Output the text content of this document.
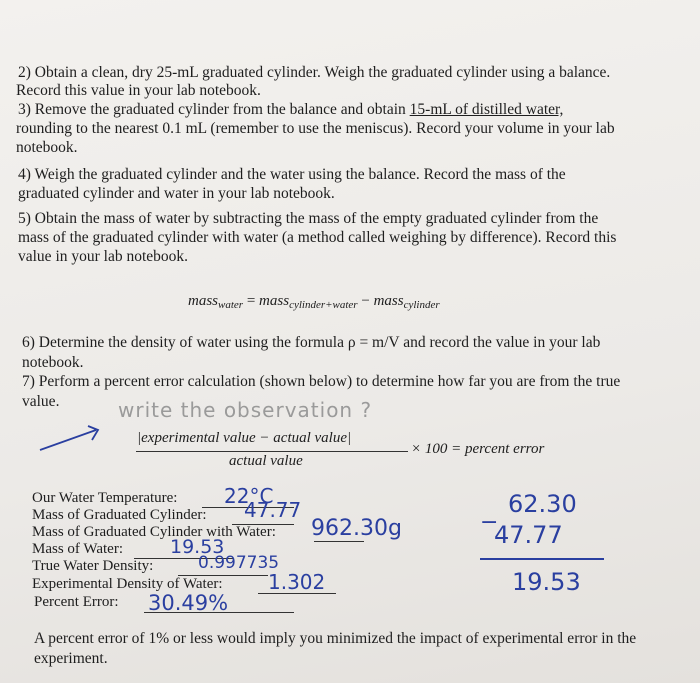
2) Obtain a clean, dry 25-mL graduated cylinder. Weigh the graduated cylinder using a balance.
Record this value in your lab notebook.
3) Remove the graduated cylinder from the balance and obtain 15-mL of distilled water,
rounding to the nearest 0.1 mL (remember to use the meniscus). Record your volume in your lab
notebook.
4) Weigh the graduated cylinder and the water using the balance. Record the mass of the
graduated cylinder and water in your lab notebook.
5) Obtain the mass of water by subtracting the mass of the empty graduated cylinder from the
mass of the graduated cylinder with water (a method called weighing by difference). Record this
value in your lab notebook.
mass$_{water}$ = mass$_{cylinder+water}$ − mass$_{cylinder}$
6) Determine the density of water using the formula ρ = m/V and record the value in your lab
notebook.
7) Perform a percent error calculation (shown below) to determine how far you are from the true
value.	write the observation ?
|experimental value − actual value|
actual value
× 100 = percent error
Our Water Temperature: 22°C
Mass of Graduated Cylinder: 47.77
Mass of Graduated Cylinder with Water: 962.30g
Mass of Water: 19.53
True Water Density:	0.997735
Experimental Density of Water: 1.302
Percent Error: 30.49%
62.30
−
47.77
19.53
A percent error of 1% or less would imply you minimized the impact of experimental error in the
experiment.
